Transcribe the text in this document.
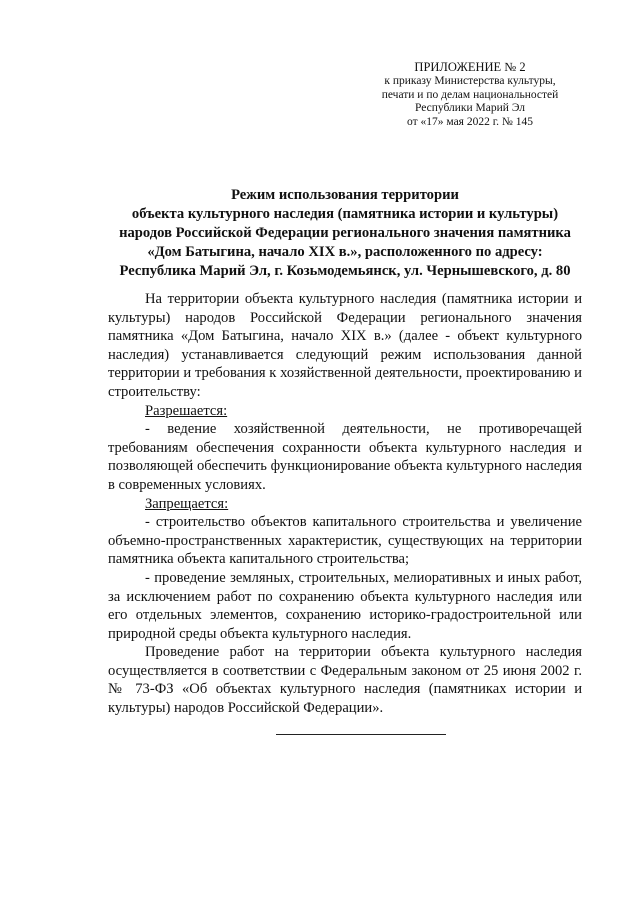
ПРИЛОЖЕНИЕ № 2
к приказу Министерства культуры,
печати и по делам национальностей
Республики Марий Эл
от «17» мая 2022 г. № 145
Режим использования территории
объекта культурного наследия (памятника истории и культуры)
народов Российской Федерации регионального значения памятника
«Дом Батыгина, начало XIX в.», расположенного по адресу:
Республика Марий Эл, г. Козьмодемьянск, ул. Чернышевского, д. 80

На территории объекта культурного наследия (памятника истории и культуры) народов Российской Федерации регионального значения памятника «Дом Батыгина, начало XIX в.» (далее - объект культурного наследия) устанавливается следующий режим использования данной территории и требования к хозяйственной деятельности, проектированию и строительству:

Разрешается:

- ведение хозяйственной деятельности, не противоречащей требованиям обеспечения сохранности объекта культурного наследия и позволяющей обеспечить функционирование объекта культурного наследия в современных условиях.

Запрещается:

- строительство объектов капитального строительства и увеличение объемно-пространственных характеристик, существующих на территории памятника объекта капитального строительства;

- проведение земляных, строительных, мелиоративных и иных работ, за исключением работ по сохранению объекта культурного наследия или его отдельных элементов, сохранению историко-градостроительной или природной среды объекта культурного наследия.

Проведение работ на территории объекта культурного наследия осуществляется в соответствии с Федеральным законом от 25 июня 2002 г. № 73-ФЗ «Об объектах культурного наследия (памятниках истории и культуры) народов Российской Федерации».
